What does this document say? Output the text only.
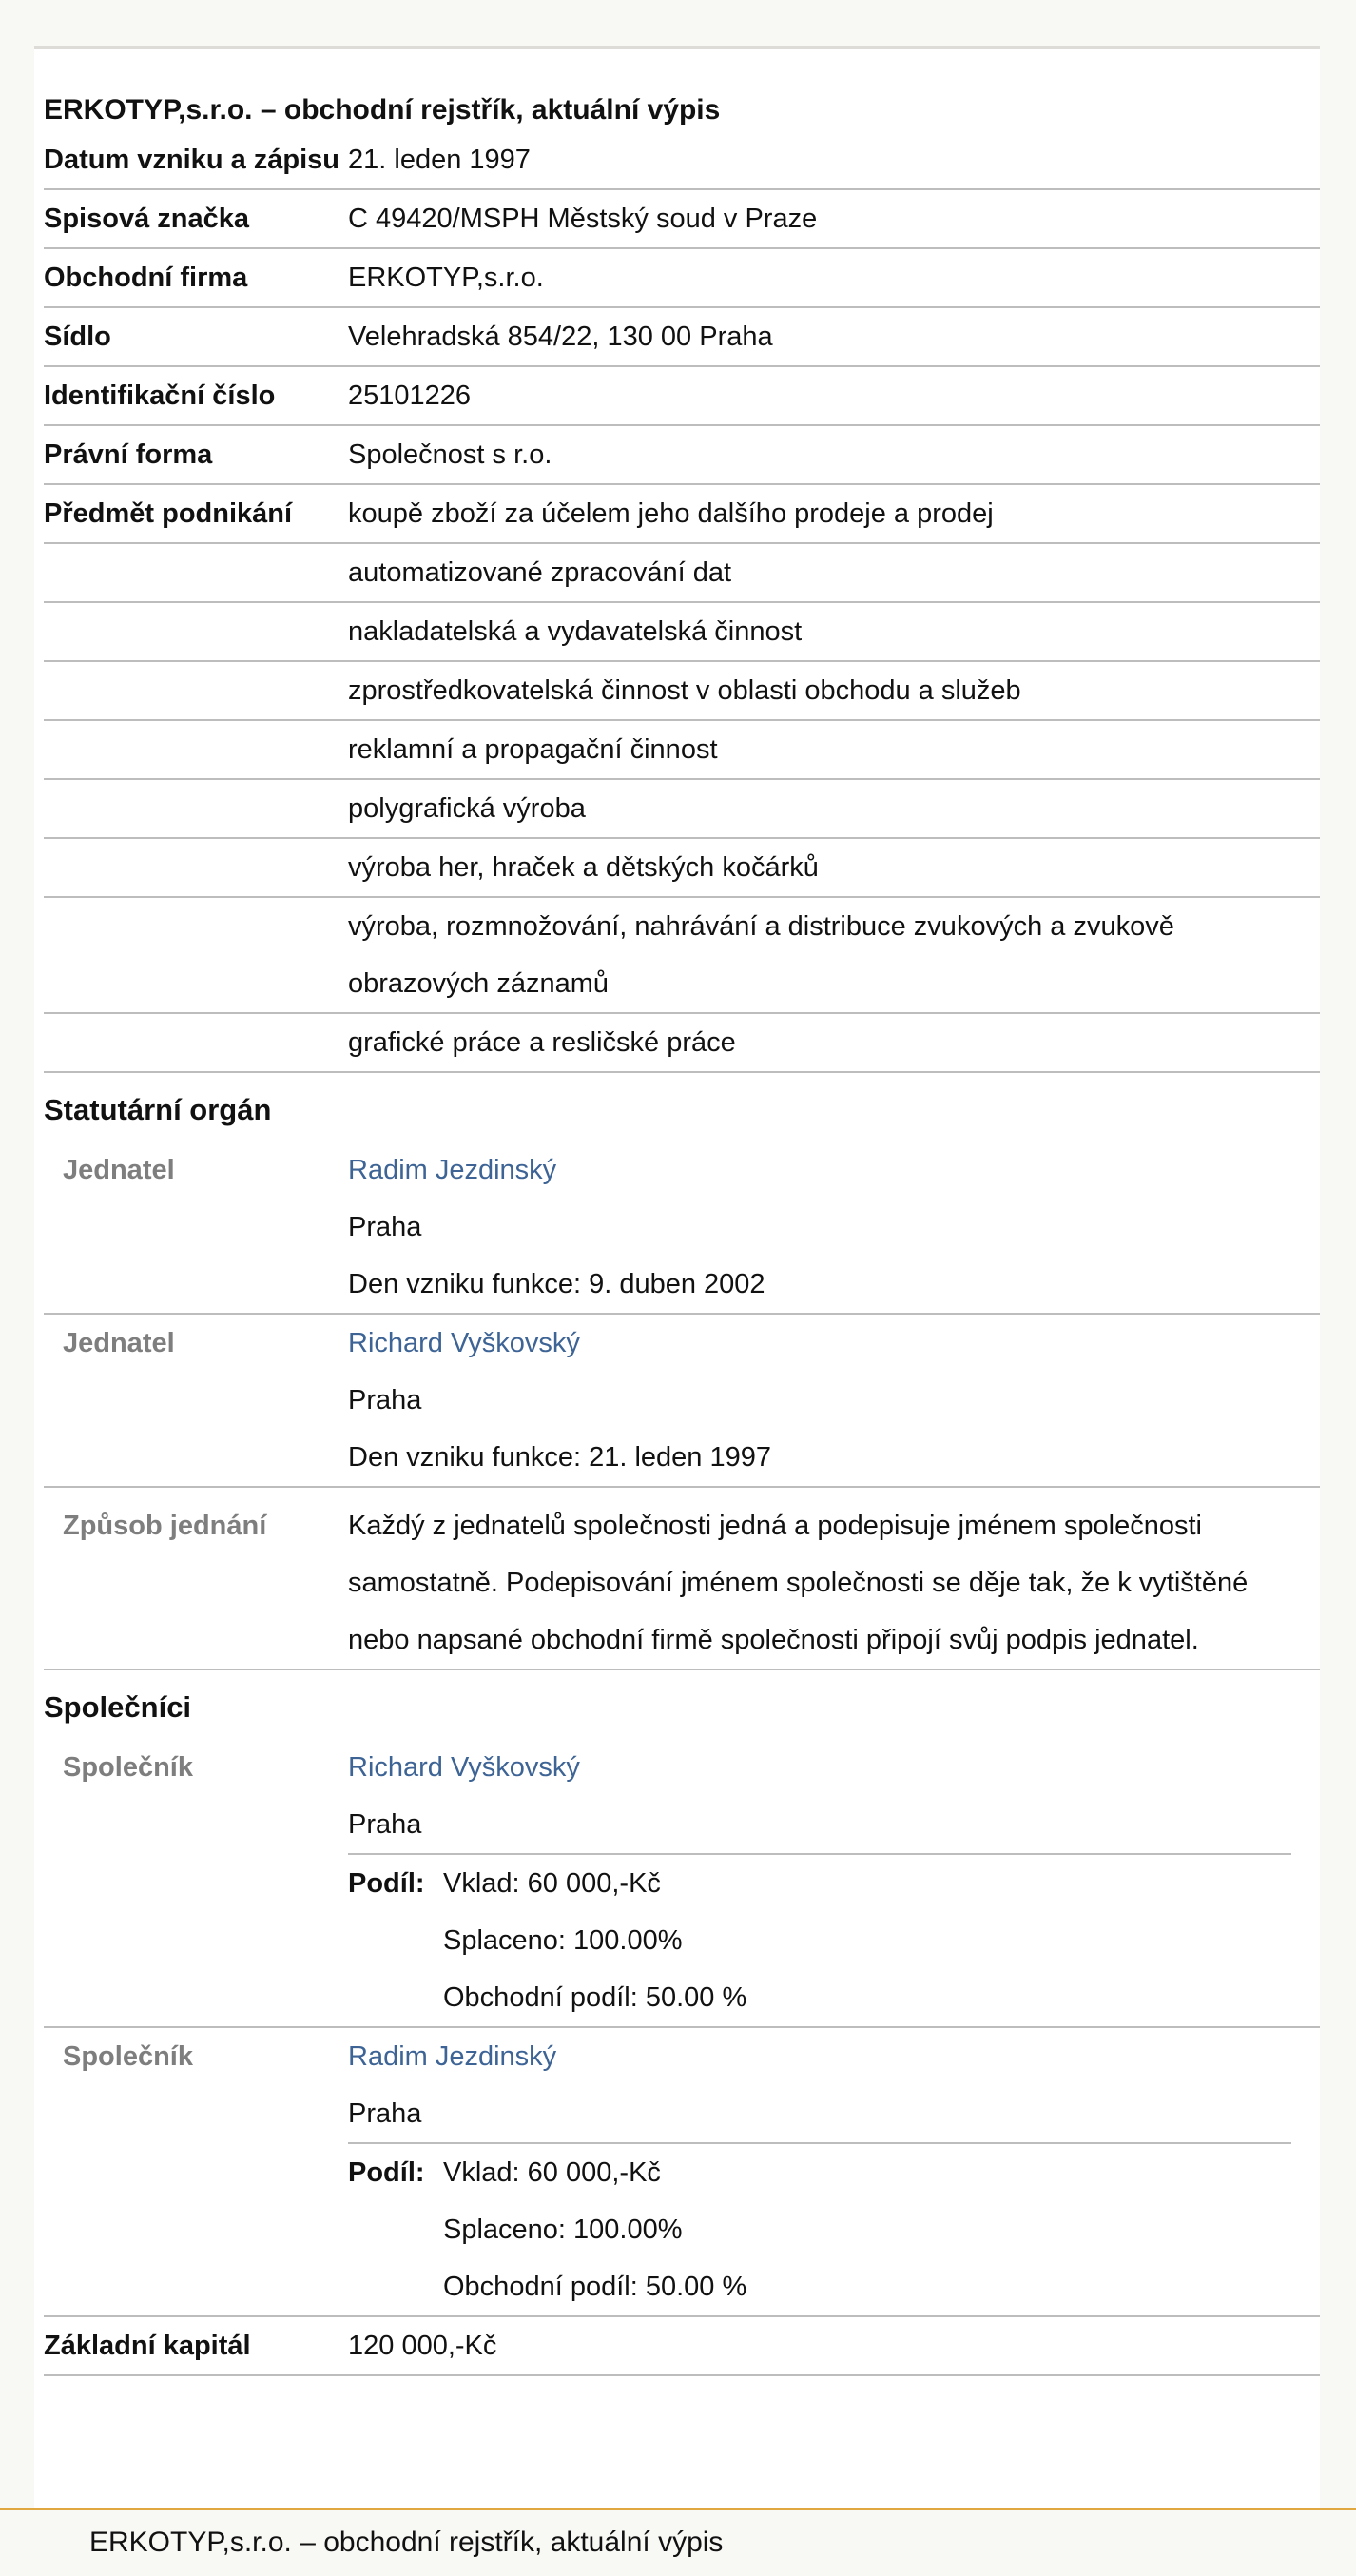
ERKOTYP,s.r.o. – obchodní rejstřík, aktuální výpis
Datum vzniku a zápisu 21. leden 1997
Spisová značka	C 49420/MSPH Městský soud v Praze
Obchodní firma	ERKOTYP,s.r.o.
Sídlo	Velehradská 854/22, 130 00 Praha
Identifikační číslo	25101226
Právní forma	Společnost s r.o.
Předmět podnikání	koupě zboží za účelem jeho dalšího prodeje a prodej
automatizované zpracování dat
nakladatelská a vydavatelská činnost
zprostředkovatelská činnost v oblasti obchodu a služeb
reklamní a propagační činnost
polygrafická výroba
výroba her, hraček a dětských kočárků
výroba, rozmnožování, nahrávání a distribuce zvukových a zvukově obrazových záznamů
grafické práce a resličské práce
Statutární orgán
Jednatel	Radim Jezdinský
Praha
Den vzniku funkce: 9. duben 2002
Jednatel	Richard Vyškovský
Praha
Den vzniku funkce: 21. leden 1997
Způsob jednání	Každý z jednatelů společnosti jedná a podepisuje jménem společnosti samostatně. Podepisování jménem společnosti se děje tak, že k vytištěné nebo napsané obchodní firmě společnosti připojí svůj podpis jednatel.
Společníci
Společník	Richard Vyškovský
Praha
Podíl: Vklad: 60 000,-Kč
Splaceno: 100.00%
Obchodní podíl: 50.00 %
Společník	Radim Jezdinský
Praha
Podíl: Vklad: 60 000,-Kč
Splaceno: 100.00%
Obchodní podíl: 50.00 %
Základní kapitál	120 000,-Kč
ERKOTYP,s.r.o. – obchodní rejstřík, aktuální výpis
